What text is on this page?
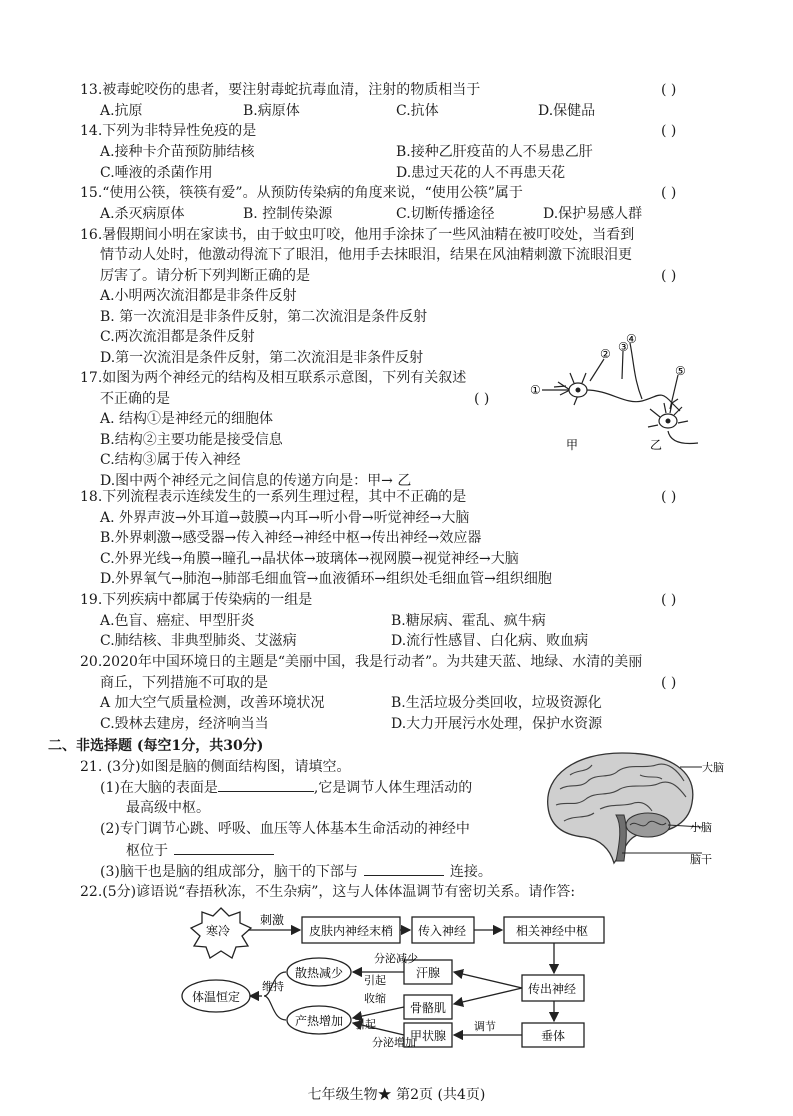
13.被毒蛇咬伤的患者，要注射毒蛇抗毒血清，注射的物质相当于	( )
A.抗原	B.病原体	C.抗体	D.保健品
14.下列为非特异性免疫的是	( )
A.接种卡介苗预防肺结核	B.接种乙肝疫苗的人不易患乙肝
C.唾液的杀菌作用	D.患过天花的人不再患天花
15.“使用公筷，筷筷有爱”。从预防传染病的角度来说，“使用公筷”属于	( )
A.杀灭病原体	B. 控制传染源	C.切断传播途径	D.保护易感人群
16.暑假期间小明在家读书，由于蚊虫叮咬，他用手涂抹了一些风油精在被叮咬处，当看到
情节动人处时，他激动得流下了眼泪，他用手去抹眼泪，结果在风油精刺激下流眼泪更
厉害了。请分析下列判断正确的是	( )
A.小明两次流泪都是非条件反射
B. 第一次流泪是非条件反射，第二次流泪是条件反射
C.两次流泪都是条件反射
D.第一次流泪是条件反射，第二次流泪是非条件反射
17.如图为两个神经元的结构及相互联系示意图，下列有关叙述
不正确的是	( )
A. 结构①是神经元的细胞体
B.结构②主要功能是接受信息
C.结构③属于传入神经
D.图中两个神经元之间信息的传递方向是：甲→ 乙
①
② ③
④
⑤
甲	乙
18.下列流程表示连续发生的一系列生理过程，其中不正确的是	( )
A. 外界声波→外耳道→鼓膜→内耳→听小骨→听觉神经→大脑
B.外界刺激→感受器→传入神经→神经中枢→传出神经→效应器
C.外界光线→角膜→瞳孔→晶状体→玻璃体→视网膜→视觉神经→大脑
D.外界氧气→肺泡→肺部毛细血管→血液循环→组织处毛细血管→组织细胞
19.下列疾病中都属于传染病的一组是	( )
A.色盲、癌症、甲型肝炎	B.糖尿病、霍乱、疯牛病
C.肺结核、非典型肺炎、艾滋病	D.流行性感冒、白化病、败血病
20.2020年中国环境日的主题是“美丽中国，我是行动者”。为共建天蓝、地绿、水清的美丽
商丘，下列措施不可取的是	( )
A 加大空气质量检测，改善环境状况	B.生活垃圾分类回收，垃圾资源化
C.毁林去建房，经济响当当	D.大力开展污水处理，保护水资源
二、非选择题 (每空1分，共30分)
21. (3分)如图是脑的侧面结构图，请填空。
(1)在大脑的表面是	,它是调节人体生理活动的
最高级中枢。
(2)专门调节心跳、呼吸、血压等人体基本生命活动的神经中
枢位于
(3)脑干也是脑的组成部分，脑干的下部与	连接。
大脑
小脑
脑干
22.(5分)谚语说“春捂秋冻，不生杂病”，这与人体体温调节有密切关系。请作答:
寒冷
刺激
皮肤内神经末梢 传入神经	相关神经中枢
传出神经
垂体
调节
汗腺
骨骼肌
甲状腺
分泌减少
引起
收缩
引起
分泌增加
散热减少
产热增加
维持
体温恒定
七年级生物★ 第2页 (共4页)
